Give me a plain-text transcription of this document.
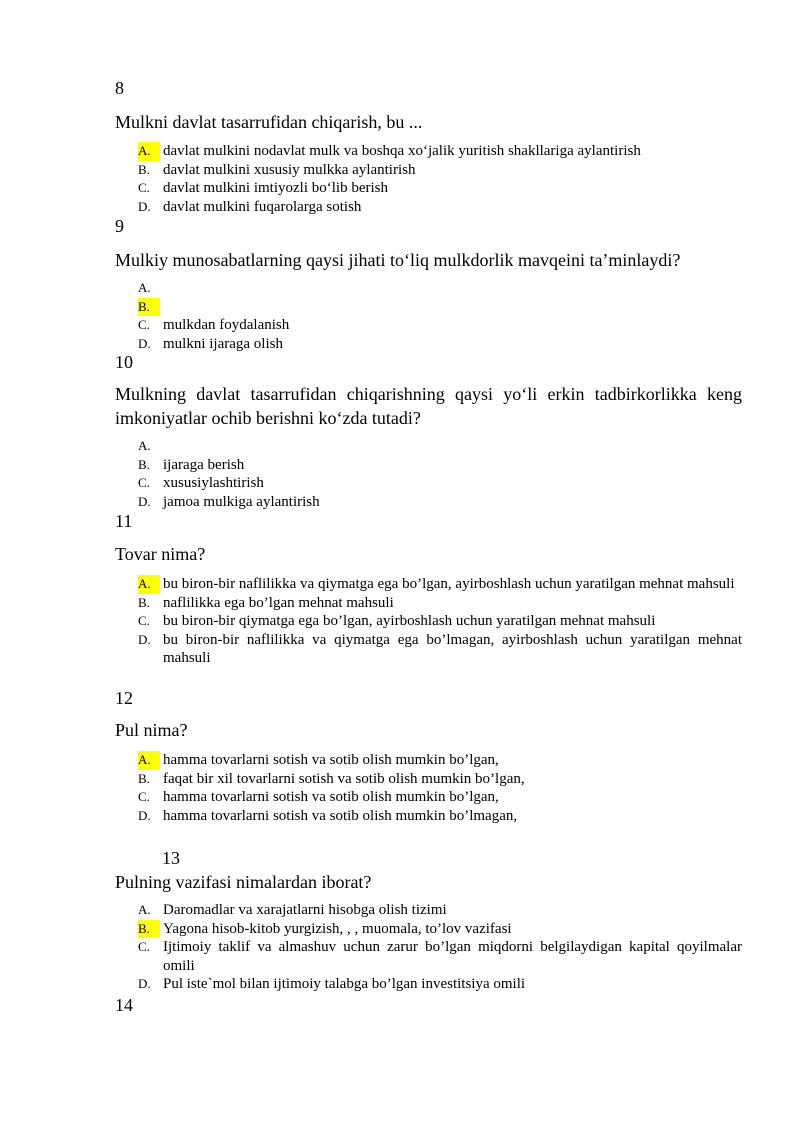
8
Mulkni davlat tasarrufidan chiqarish, bu ...
A. davlat mulkini nodavlat mulk va boshqa xo‘jalik yuritish shakllariga aylantirish
B. davlat mulkini xususiy mulkka aylantirish
C. davlat mulkini imtiyozli bo‘lib berish
D. davlat mulkini fuqarolarga sotish
9
Mulkiy munosabatlarning qaysi jihati to‘liq mulkdorlik mavqeini ta’minlaydi?
A.

B.

C. mulkdan foydalanish
D. mulkni ijaraga olish
10
Mulkning davlat tasarrufidan chiqarishning qaysi yo‘li erkin tadbirkorlikka keng imkoniyatlar ochib berishni ko‘zda tutadi?
A.

B. ijaraga berish
C. xususiylashtirish
D. jamoa mulkiga aylantirish
11
Tovar nima?
A. bu biron-bir naflilikka va qiymatga ega bo’lgan, ayirboshlash uchun yaratilgan mehnat mahsuli
B. naflilikka ega bo’lgan mehnat mahsuli
C. bu biron-bir qiymatga ega bo’lgan, ayirboshlash uchun yaratilgan mehnat mahsuli
D. bu biron-bir naflilikka va qiymatga ega bo’lmagan, ayirboshlash uchun yaratilgan mehnat mahsuli
12
Pul nima?
A. hamma tovarlarni sotish va sotib olish mumkin bo’lgan,
B. faqat bir xil tovarlarni sotish va sotib olish mumkin bo’lgan,
C. hamma tovarlarni sotish va sotib olish mumkin bo’lgan,
D. hamma tovarlarni sotish va sotib olish mumkin bo’lmagan,
13
Pulning vazifasi nimalardan iborat?
A. Daromadlar va xarajatlarni hisobga olish tizimi
B. Yagona hisob-kitob yurgizish, , , muomala, to’lov vazifasi
C. Ijtimoiy taklif va almashuv uchun zarur bo’lgan miqdorni belgilaydigan kapital qoyilmalar omili
D. Pul iste`mol bilan ijtimoiy talabga bo’lgan investitsiya omili
14
